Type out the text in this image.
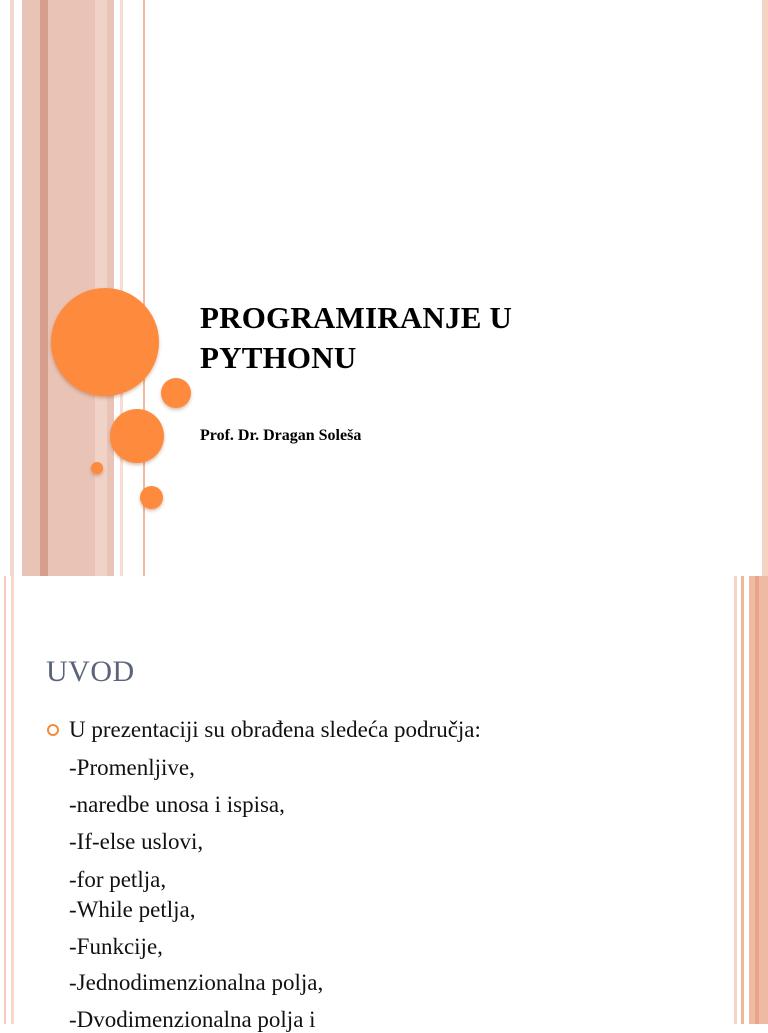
PROGRAMIRANJE U
PYTHONU
Prof. Dr. Dragan Soleša
UVOD
U prezentaciji su obrađena sledeća područja:
-Promenljive,
-naredbe unosa i ispisa,
-If-else uslovi,
-for petlja,
-While petlja,
-Funkcije,
-Jednodimenzionalna polja,
-Dvodimenzionalna polja i
